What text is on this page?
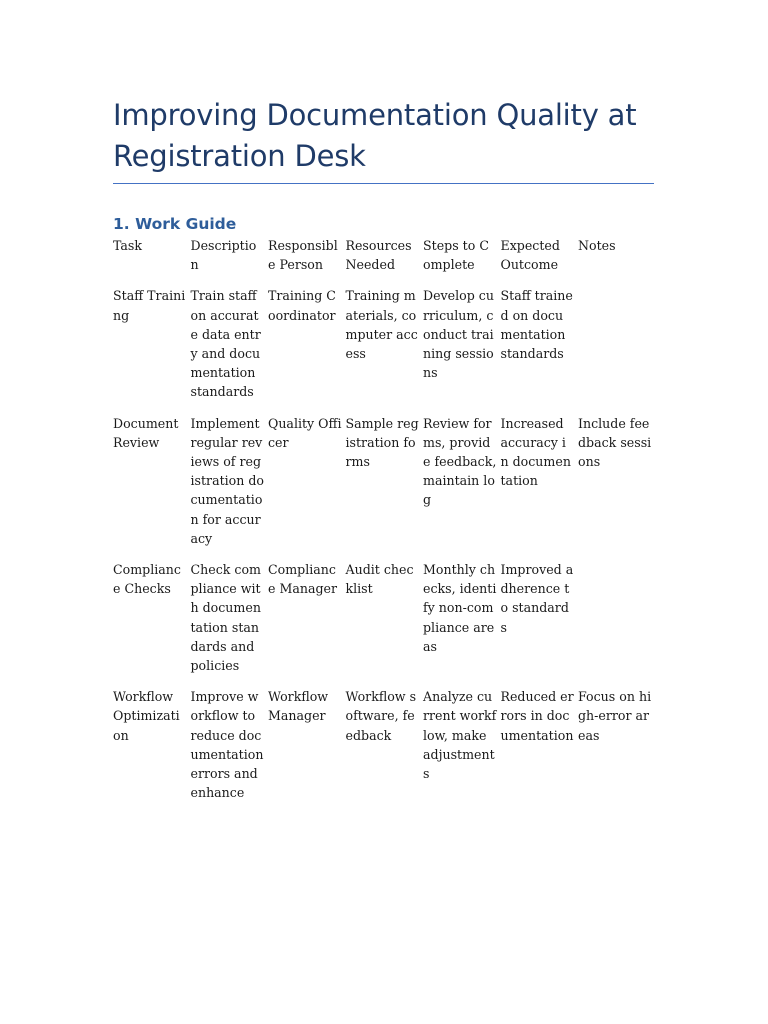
Improving Documentation Quality at Registration Desk
1. Work Guide
Task	Description	Responsible Person	Resources Needed	Steps to Complete	Expected Outcome	Notes

Staff Training	Train staff on accurate data entry and documentation standards	Training Coordinator	Training materials, computer access	Develop curriculum, conduct training sessions	Staff trained on documentation standards	

Document Review	Implement regular reviews of registration documentation for accuracy	Quality Officer	Sample registration forms	Review forms, provide feedback, maintain log	Increased accuracy in documentation	Include feedback sessions

Compliance Checks	Check compliance with documentation standards and policies	Compliance Manager	Audit checklist	Monthly checks, identify non-compliance areas	Improved adherence to standards	

Workflow Optimization	Improve workflow to reduce documentation errors and enhance	Workflow Manager	Workflow software, feedback	Analyze current workflow, make adjustments	Reduced errors in documentation	Focus on high-error areas
